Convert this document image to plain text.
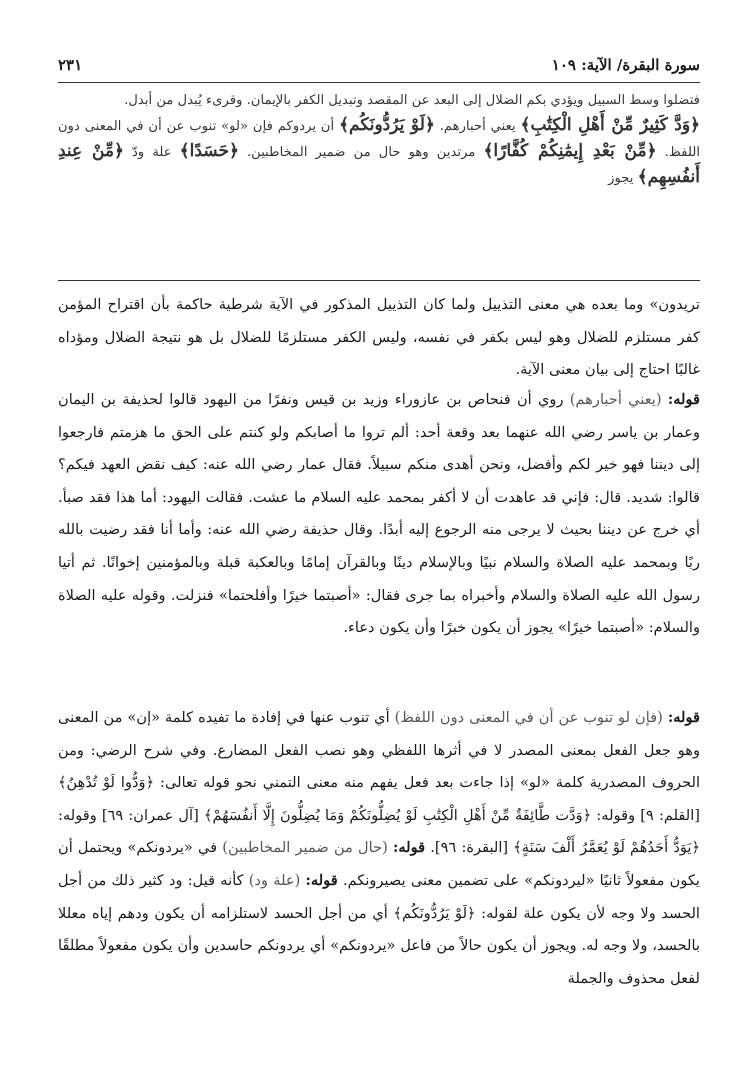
سورة البقرة/ الآية: ١٠٩
٢٣١

فتضلوا وسط السبيل ويؤدي بكم الضلال إلى البعد عن المقصد وتبديل الكفر بالإيمان. وقرىء يُبدل من أبدل.

﴿وَدَّ كَثِيرٌ مِّنْ أَهْلِ الْكِتَٰبِ﴾ يعني أحبارهم. ﴿لَوْ يَرُدُّونَكُم﴾ أن يردوكم فإن «لو» تنوب عن أن في المعنى دون اللفظ. ﴿مِّنْ بَعْدِ إِيمَٰنِكُمْ كُفَّارًا﴾ مرتدين وهو حال من ضمير المخاطبين. ﴿حَسَدًا﴾ علة ودّ ﴿مِّنْ عِندِ أَنفُسِهِم﴾ يجوز

تريدون» وما بعده هي معنى التذييل ولما كان التذييل المذكور في الآية شرطية حاكمة بأن اقتراح المؤمن كفر مستلزم للضلال وهو ليس بكفر في نفسه، وليس الكفر مستلزمًا للضلال بل هو نتيجة الضلال ومؤداه غالبًا احتاج إلى بيان معنى الآية.

قوله: (يعني أحبارهم) روي أن فنحاص بن عازوراء وزيد بن قيس ونفرًا من اليهود قالوا لحذيفة بن اليمان وعمار بن ياسر رضي الله عنهما بعد وقعة أحد: ألم تروا ما أصابكم ولو كنتم على الحق ما هزمتم فارجعوا إلى ديننا فهو خير لكم وأفضل، ونحن أهدى منكم سبيلاً. فقال عمار رضي الله عنه: كيف نقض العهد فيكم؟ قالوا: شديد. قال: فإني قد عاهدت أن لا أكفر بمحمد عليه السلام ما عشت. فقالت اليهود: أما هذا فقد صبأ. أي خرج عن ديننا بحيث لا يرجى منه الرجوع إليه أبدًا. وقال حذيفة رضي الله عنه: وأما أنا فقد رضيت بالله ربًا وبمحمد عليه الصلاة والسلام نبيًا وبالإسلام دينًا وبالقرآن إمامًا وبالعكبة قبلة وبالمؤمنين إخوانًا. ثم أتيا رسول الله عليه الصلاة والسلام وأخبراه بما جرى فقال: «أصبتما خيرًا وأفلحتما» فنزلت. وقوله عليه الصلاة والسلام: «أصبتما خيرًا» يجوز أن يكون خبرًا وأن يكون دعاء.

قوله: (فإن لو تنوب عن أن في المعنى دون اللفظ) أي تنوب عنها في إفادة ما تفيده كلمة «إن» من المعنى وهو جعل الفعل بمعنى المصدر لا في أثرها اللفظي وهو نصب الفعل المضارع. وفي شرح الرضي: ومن الحروف المصدرية كلمة «لو» إذا جاءت بعد فعل يفهم منه معنى التمني نحو قوله تعالى: ﴿وَدُّوا لَوْ تُدْهِنُ﴾ [القلم: ٩] وقوله: ﴿وَدَّت طَّائِفَةٌ مِّنْ أَهْلِ الْكِتَٰبِ لَوْ يُضِلُّونَكُمْ وَمَا يُضِلُّونَ إِلَّا أَنفُسَهُمْ﴾ [آل عمران: ٦٩] وقوله: ﴿يَوَدُّ أَحَدُهُمْ لَوْ يُعَمَّرُ أَلْفَ سَنَةٍ﴾ [البقرة: ٩٦]. قوله: (حال من ضمير المخاطبين) في «يردونكم» ويحتمل أن يكون مفعولاً ثانيًا «ليردونكم» على تضمين معنى يصيرونكم. قوله: (علة ود) كأنه قيل: ود كثير ذلك من أجل الحسد ولا وجه لأن يكون علة لقوله: ﴿لَوْ يَرُدُّونَكُم﴾ أي من أجل الحسد لاستلزامه أن يكون ودهم إياه معللا بالحسد، ولا وجه له. ويجوز أن يكون حالاً من فاعل «يردونكم» أي يردونكم حاسدين وأن يكون مفعولاً مطلقًا لفعل محذوف والجملة
